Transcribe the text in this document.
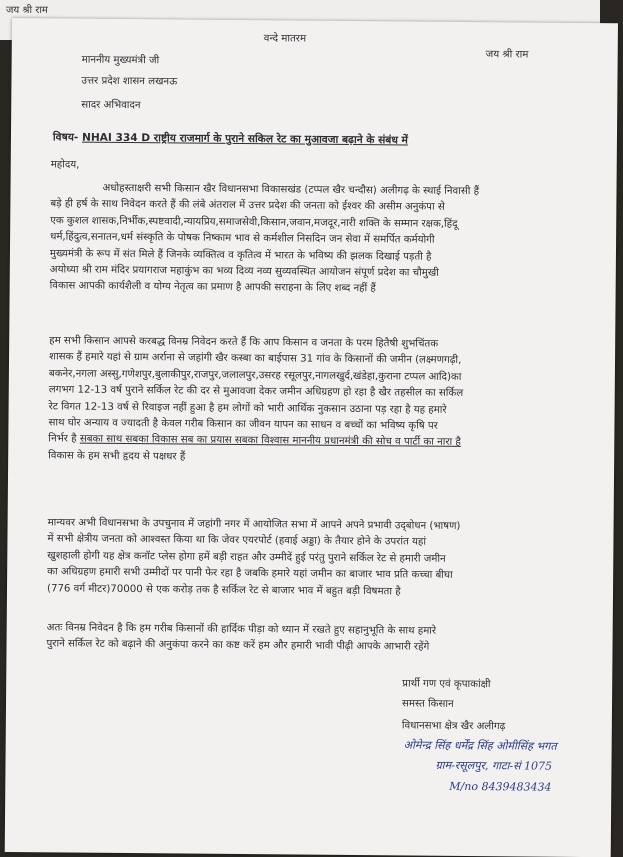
जय श्री राम
वन्दे मातरम
जय श्री राम
माननीय मुख्यमंत्री जी
उत्तर प्रदेश शासन लखनऊ
सादर अभिवादन
विषय- NHAI 334 D राष्ट्रीय राजमार्ग के पुराने सकिल रेट का मुआवजा बढ़ाने के संबंध में
महोदय,
अधोहस्ताक्षरी सभी किसान खैर विधानसभा विकासखंड (टप्पल खैर चन्दौस) अलीगढ़ के स्थाई निवासी हैं
बड़े ही हर्ष के साथ निवेदन करते हैं की लंबे अंतराल में उत्तर प्रदेश की जनता को ईश्वर की असीम अनुकंपा से
एक कुशल शासक,निर्भीक,स्पष्टवादी,न्यायप्रिय,समाजसेवी,किसान,जवान,मजदूर,नारी शक्ति के सम्मान रक्षक,हिंदू
धर्म,हिंदुत्व,सनातन,धर्म संस्कृति के पोषक निष्काम भाव से कर्मशील निसदिन जन सेवा में समर्पित कर्मयोगी
मुख्यमंत्री के रूप में संत मिले हैं जिनके व्यक्तित्व व कृतित्व में भारत के भविष्य की झलक दिखाई पड़ती है
अयोध्या श्री राम मंदिर प्रयागराज महाकुंभ का भव्य दिव्य नव्य सुव्यवस्थित आयोजन संपूर्ण प्रदेश का चौमुखी
विकास आपकी कार्यशैली व योग्य नेतृत्व का प्रमाण है आपकी सराहना के लिए शब्द नहीं हैं
हम सभी किसान आपसे करबद्ध विनम्र निवेदन करते हैं कि आप किसान व जनता के परम हितैषी शुभचिंतक
शासक हैं हमारे यहां से ग्राम अर्राना से जहांगी खैर कस्बा का बाईपास 31 गांव के किसानों की जमीन (लक्ष्मणगढ़ी,
बकनेर,नगला अस्सु,गणेशपुर,बुलाकीपुर,राजपुर,जलालपुर,उसरह रसूलपुर,नागलखुर्द,खंडेहा,कुराना टप्पल आदि)का
लगभग 12-13 वर्ष पुराने सर्किल रेट की दर से मुआवजा देकर जमीन अधिग्रहण हो रहा है खैर तहसील का सर्किल
रेट विगत 12-13 वर्ष से रिवाइज नहीं हुआ है हम लोगों को भारी आर्थिक नुकसान उठाना पड़ रहा है यह हमारे
साथ घोर अन्याय व ज्यादती है केवल गरीब किसान का जीवन यापन का साधन व बच्चों का भविष्य कृषि पर
निर्भर है सबका साथ सबका विकास सब का प्रयास सबका विश्वास माननीय प्रधानमंत्री की सोच व पार्टी का नारा है
विकास के हम सभी हृदय से पक्षधर हैं
मान्यवर अभी विधानसभा के उपचुनाव में जहांगी नगर में आयोजित सभा में आपने अपने प्रभावी उद्‌बोधन (भाषण)
में सभी क्षेत्रीय जनता को आश्वस्त किया था कि जेवर एयरपोर्ट (हवाई अड्डा) के तैयार होने के उपरांत यहां
खुशहाली होगी यह क्षेत्र कनॉट प्लेस होगा हमें बड़ी राहत और उम्मीदें हुई परंतु पुराने सर्किल रेट से हमारी जमीन
का अधिग्रहण हमारी सभी उम्मीदों पर पानी फेर रहा है जबकि हमारे यहां जमीन का बाजार भाव प्रति कच्चा बीघा
(776 वर्ग मीटर)70000 से एक करोड़ तक है सर्किल रेट से बाजार भाव में बहुत बड़ी विषमता है
अतः विनम्र निवेदन है कि हम गरीब किसानों की हार्दिक पीड़ा को ध्यान में रखते हुए सहानुभूति के साथ हमारे
पुराने सर्किल रेट को बढ़ाने की अनुकंपा करने का कष्ट करें हम और हमारी भावी पीढ़ी आपके आभारी रहेंगे
प्रार्थी गण एवं कृपाकांक्षी
समस्त किसान
विधानसभा क्षेत्र खैर अलीगढ़
ओमेन्द्र सिंह धर्मेंद्र सिंह ओमीसिंह भगत
ग्राम-रसूलपुर, गाटा-सं 1075
M/no 8439483434
